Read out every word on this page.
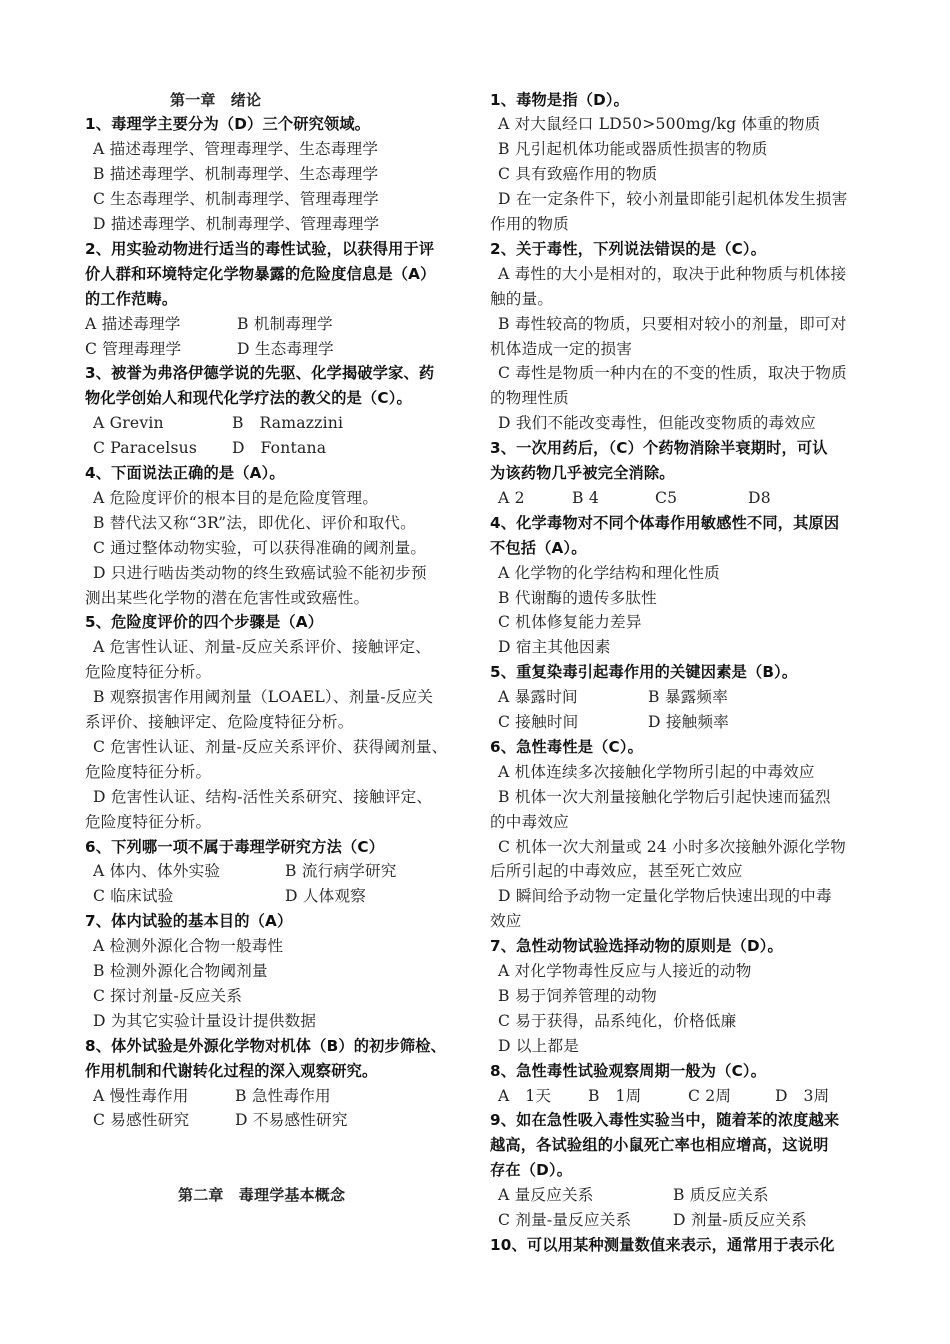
第一章　绪论
1、毒理学主要分为（D）三个研究领域。
A 描述毒理学、管理毒理学、生态毒理学
B 描述毒理学、机制毒理学、生态毒理学
C 生态毒理学、机制毒理学、管理毒理学
D 描述毒理学、机制毒理学、管理毒理学
2、用实验动物进行适当的毒性试验，以获得用于评
价人群和环境特定化学物暴露的危险度信息是（A）
的工作范畴。
A 描述毒理学	B 机制毒理学
C 管理毒理学	D 生态毒理学
3、被誉为弗洛伊德学说的先驱、化学揭破学家、药
物化学创始人和现代化学疗法的教父的是（C）。
A Grevin	B　Ramazzini
C Paracelsus D　Fontana
4、下面说法正确的是（A）。
A 危险度评价的根本目的是危险度管理。
B 替代法又称“3R”法，即优化、评价和取代。
C 通过整体动物实验，可以获得准确的阈剂量。
D 只进行啮齿类动物的终生致癌试验不能初步预
测出某些化学物的潜在危害性或致癌性。
5、危险度评价的四个步骤是（A）
A 危害性认证、剂量-反应关系评价、接触评定、
危险度特征分析。
B 观察损害作用阈剂量（LOAEL）、剂量-反应关
系评价、接触评定、危险度特征分析。
C 危害性认证、剂量-反应关系评价、获得阈剂量、
危险度特征分析。
D 危害性认证、结构-活性关系研究、接触评定、
危险度特征分析。
6、下列哪一项不属于毒理学研究方法（C）
A 体内、体外实验	B 流行病学研究
C 临床试验	D 人体观察
7、体内试验的基本目的（A）
A 检测外源化合物一般毒性
B 检测外源化合物阈剂量
C 探讨剂量-反应关系
D 为其它实验计量设计提供数据
8、体外试验是外源化学物对机体（B）的初步筛检、
作用机制和代谢转化过程的深入观察研究。
A 慢性毒作用	B 急性毒作用
C 易感性研究	D 不易感性研究
第二章　毒理学基本概念
1、毒物是指（D）。
A 对大鼠经口 LD50>500mg/kg 体重的物质
B 凡引起机体功能或器质性损害的物质
C 具有致癌作用的物质
D 在一定条件下，较小剂量即能引起机体发生损害
作用的物质
2、关于毒性，下列说法错误的是（C）。
A 毒性的大小是相对的，取决于此种物质与机体接
触的量。
B 毒性较高的物质，只要相对较小的剂量，即可对
机体造成一定的损害
C 毒性是物质一种内在的不变的性质，取决于物质
的物理性质
D 我们不能改变毒性，但能改变物质的毒效应
3、一次用药后，（C）个药物消除半衰期时，可认
为该药物几乎被完全消除。
A 2	B 4	C5	D8
4、化学毒物对不同个体毒作用敏感性不同，其原因
不包括（A）。
A 化学物的化学结构和理化性质
B 代谢酶的遗传多肽性
C 机体修复能力差异
D 宿主其他因素
5、重复染毒引起毒作用的关键因素是（B）。
A 暴露时间	B 暴露频率
C 接触时间	D 接触频率
6、急性毒性是（C）。
A 机体连续多次接触化学物所引起的中毒效应
B 机体一次大剂量接触化学物后引起快速而猛烈
的中毒效应
C 机体一次大剂量或 24 小时多次接触外源化学物
后所引起的中毒效应，甚至死亡效应
D 瞬间给予动物一定量化学物后快速出现的中毒
效应
7、急性动物试验选择动物的原则是（D）。
A 对化学物毒性反应与人接近的动物
B 易于饲养管理的动物
C 易于获得，品系纯化，价格低廉
D 以上都是
8、急性毒性试验观察周期一般为（C）。
A　1天 B　1周	C 2周	D　3周
9、如在急性吸入毒性实验当中，随着苯的浓度越来
越高，各试验组的小鼠死亡率也相应增高，这说明
存在（D）。
A 量反应关系	B 质反应关系
C 剂量-量反应关系	D 剂量-质反应关系
10、可以用某种测量数值来表示，通常用于表示化
